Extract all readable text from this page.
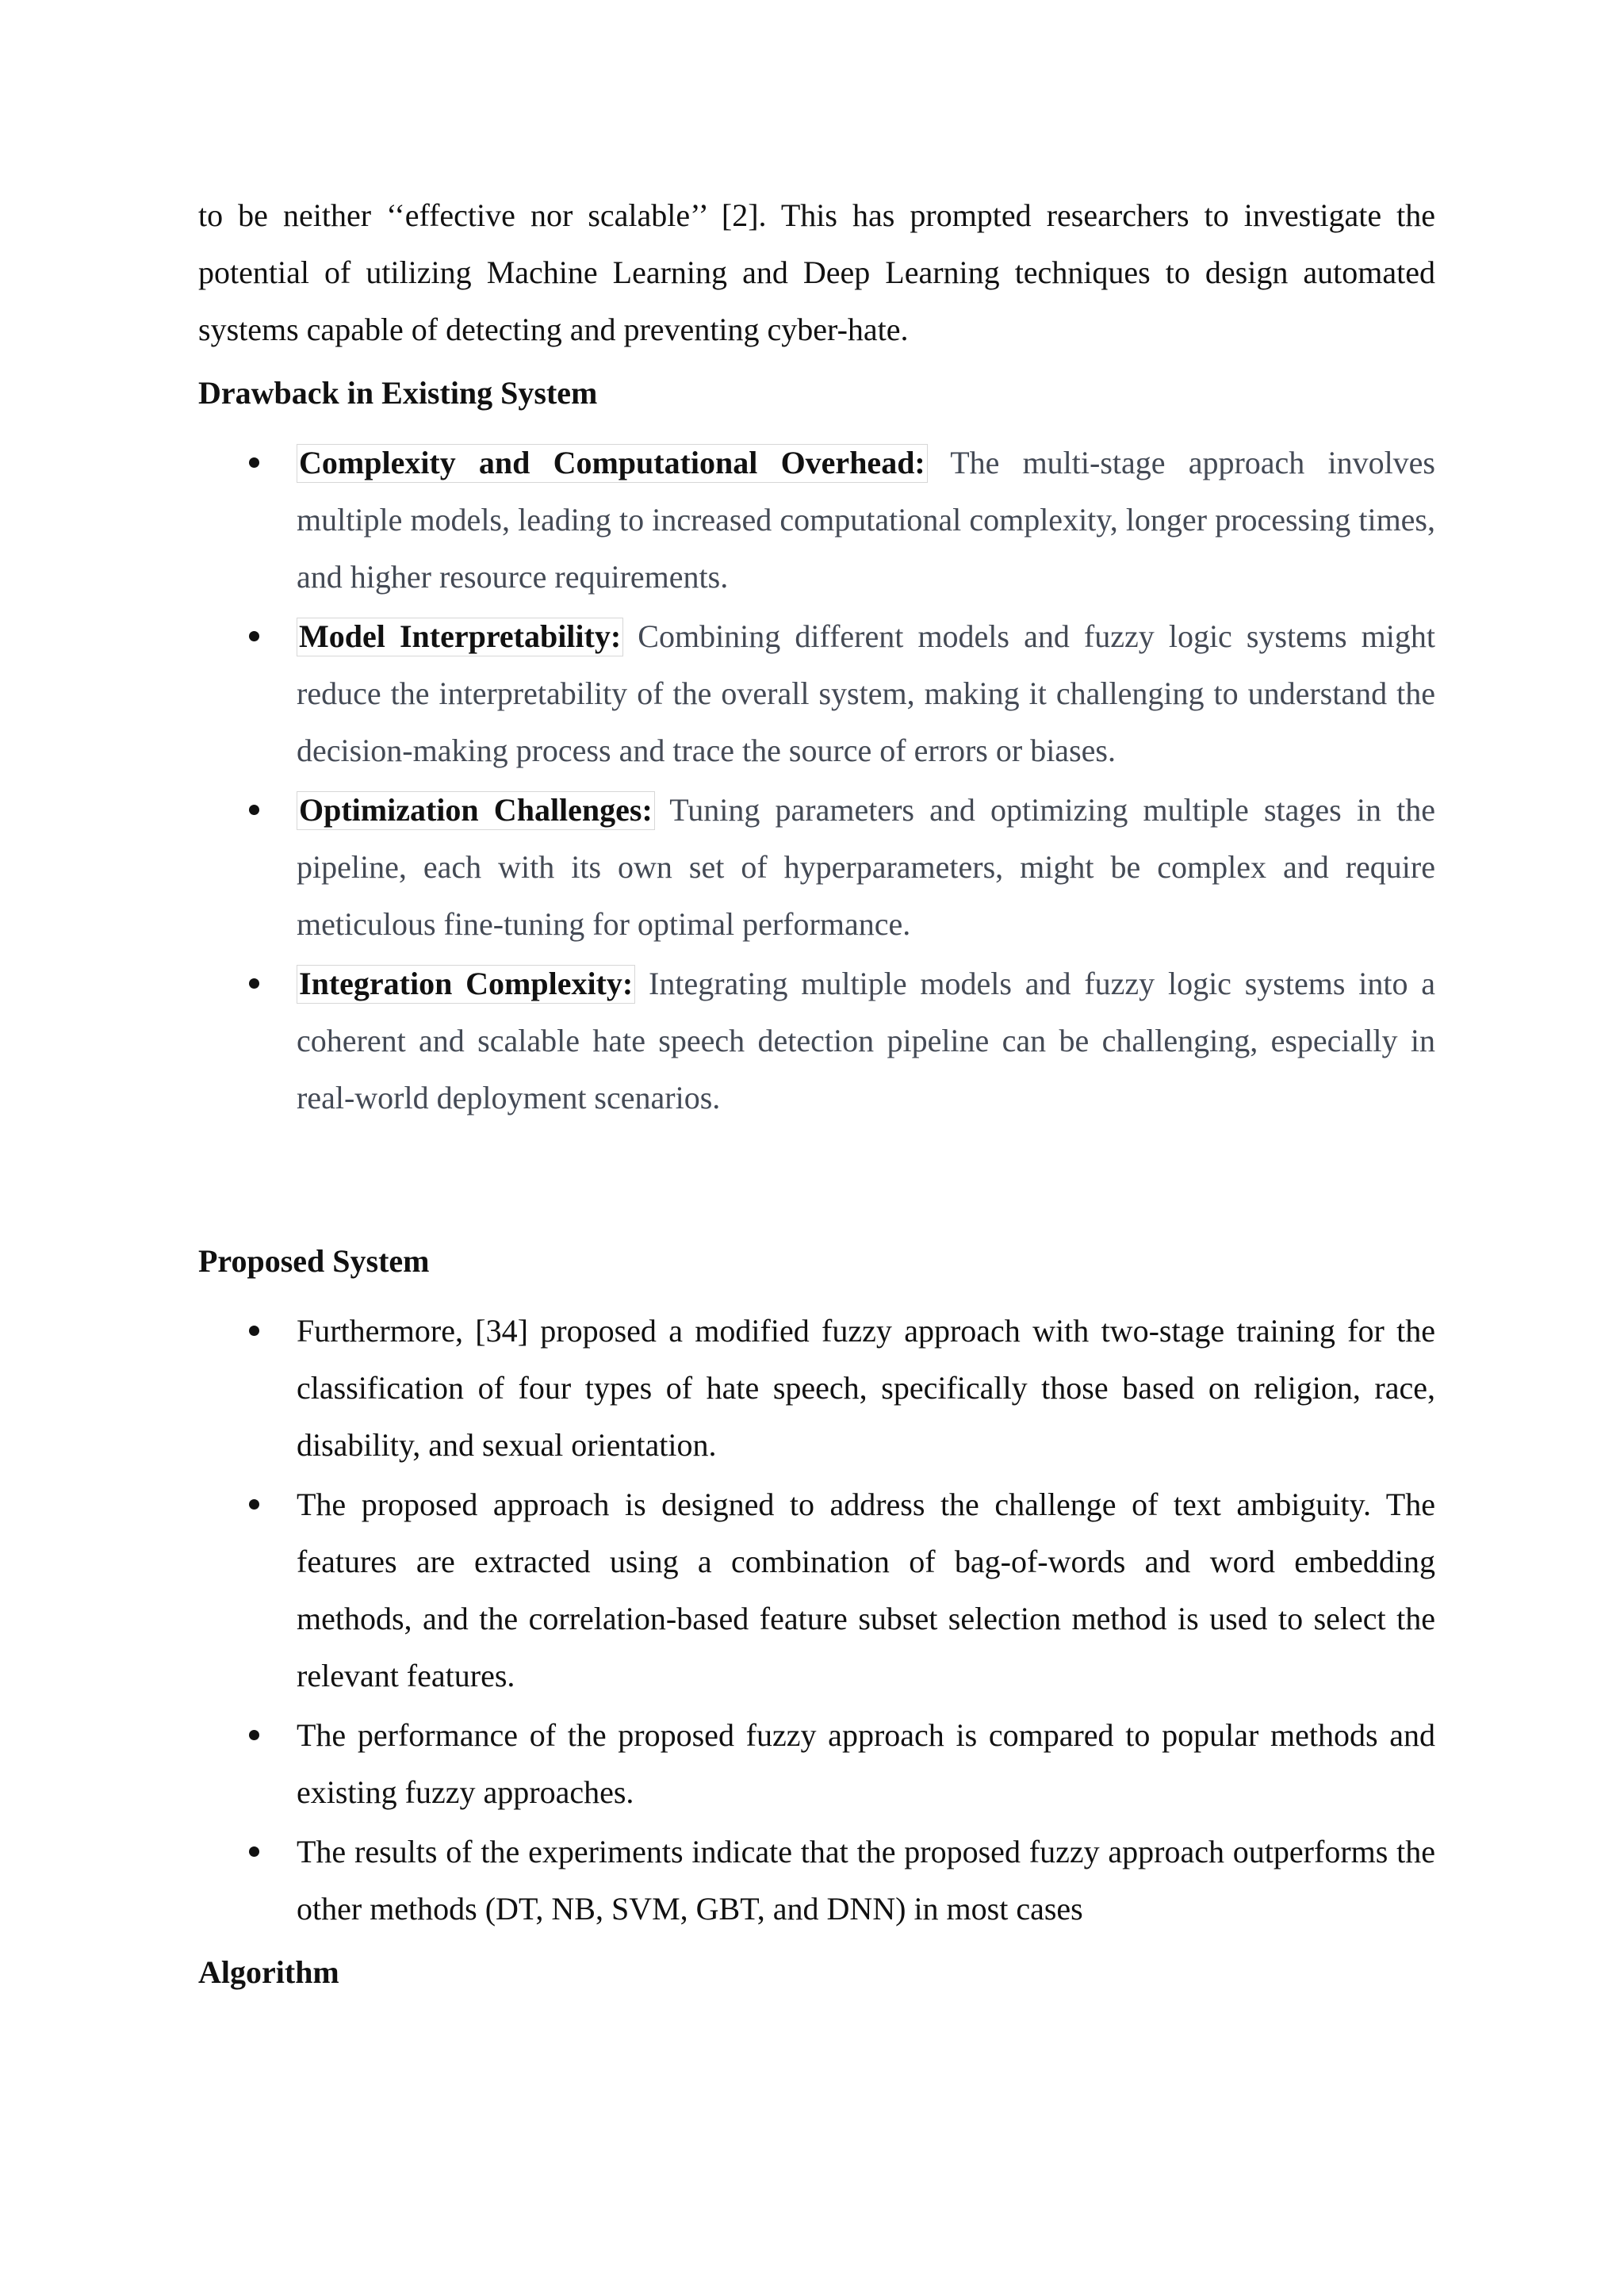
to be neither ‘‘effective nor scalable’’ [2]. This has prompted researchers to investigate the potential of utilizing Machine Learning and Deep Learning techniques to design automated systems capable of detecting and preventing cyber-hate.

Drawback in Existing System
Complexity and Computational Overhead: The multi-stage approach involves multiple models, leading to increased computational complexity, longer processing times, and higher resource requirements.
Model Interpretability: Combining different models and fuzzy logic systems might reduce the interpretability of the overall system, making it challenging to understand the decision-making process and trace the source of errors or biases.
Optimization Challenges: Tuning parameters and optimizing multiple stages in the pipeline, each with its own set of hyperparameters, might be complex and require meticulous fine-tuning for optimal performance.
Integration Complexity: Integrating multiple models and fuzzy logic systems into a coherent and scalable hate speech detection pipeline can be challenging, especially in real-world deployment scenarios.
Proposed System
Furthermore, [34] proposed a modified fuzzy approach with two-stage training for the classification of four types of hate speech, specifically those based on religion, race, disability, and sexual orientation.
The proposed approach is designed to address the challenge of text ambiguity. The features are extracted using a combination of bag-of-words and word embedding methods, and the correlation-based feature subset selection method is used to select the relevant features.
The performance of the proposed fuzzy approach is compared to popular methods and existing fuzzy approaches.
The results of the experiments indicate that the proposed fuzzy approach outperforms the other methods (DT, NB, SVM, GBT, and DNN) in most cases
Algorithm
